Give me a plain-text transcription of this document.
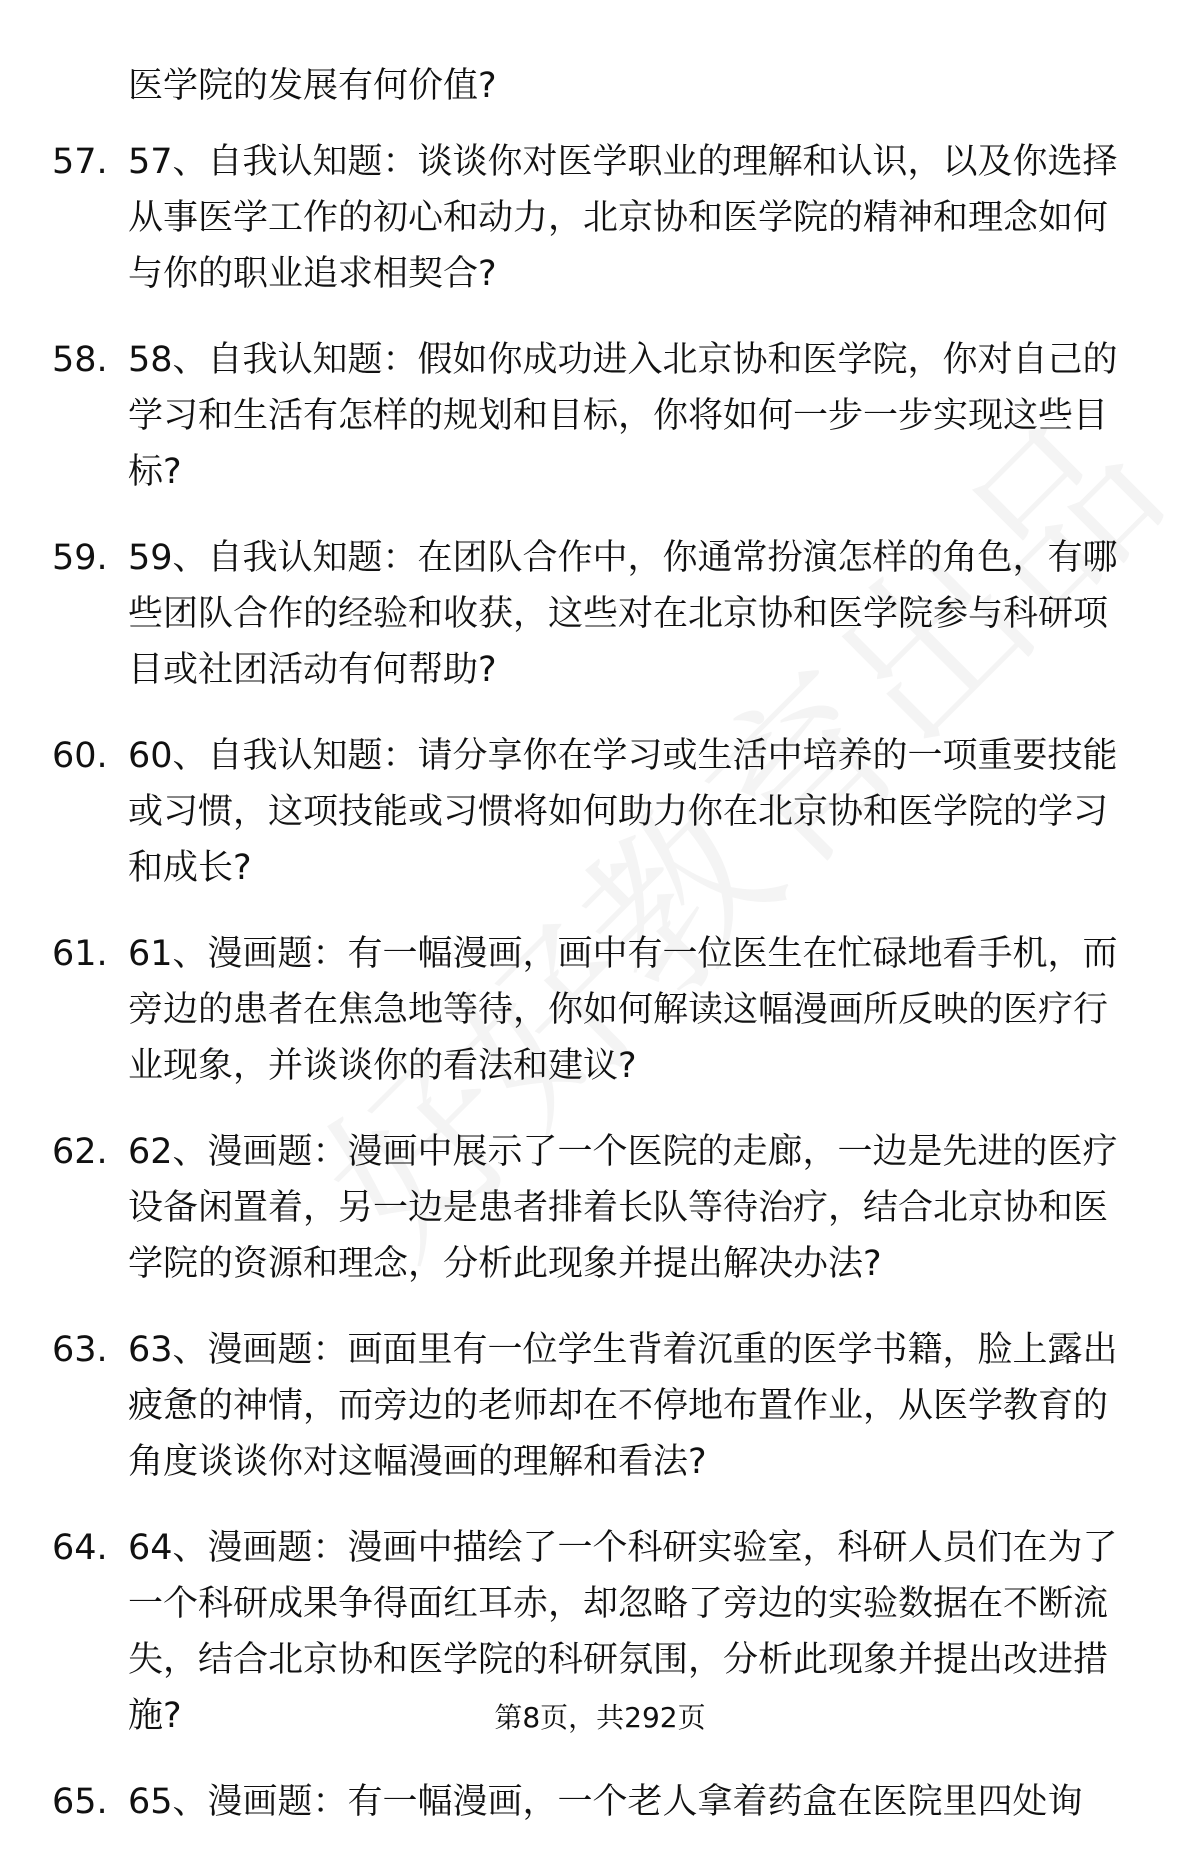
医学院的发展有何价值?
57. 57、自我认知题：谈谈你对医学职业的理解和认识，以及你选择从事医学工作的初心和动力，北京协和医学院的精神和理念如何与你的职业追求相契合?
58. 58、自我认知题：假如你成功进入北京协和医学院，你对自己的学习和生活有怎样的规划和目标，你将如何一步一步实现这些目标?
59. 59、自我认知题：在团队合作中，你通常扮演怎样的角色，有哪些团队合作的经验和收获，这些对在北京协和医学院参与科研项目或社团活动有何帮助?
60. 60、自我认知题：请分享你在学习或生活中培养的一项重要技能或习惯，这项技能或习惯将如何助力你在北京协和医学院的学习和成长?
61. 61、漫画题：有一幅漫画，画中有一位医生在忙碌地看手机，而旁边的患者在焦急地等待，你如何解读这幅漫画所反映的医疗行业现象，并谈谈你的看法和建议?
62. 62、漫画题：漫画中展示了一个医院的走廊，一边是先进的医疗设备闲置着，另一边是患者排着长队等待治疗，结合北京协和医学院的资源和理念，分析此现象并提出解决办法?
63. 63、漫画题：画面里有一位学生背着沉重的医学书籍，脸上露出疲惫的神情，而旁边的老师却在不停地布置作业，从医学教育的角度谈谈你对这幅漫画的理解和看法?
64. 64、漫画题：漫画中描绘了一个科研实验室，科研人员们在为了一个科研成果争得面红耳赤，却忽略了旁边的实验数据在不断流失，结合北京协和医学院的科研氛围，分析此现象并提出改进措施?
65. 65、漫画题：有一幅漫画，一个老人拿着药盒在医院里四处询
第8页，共292页
